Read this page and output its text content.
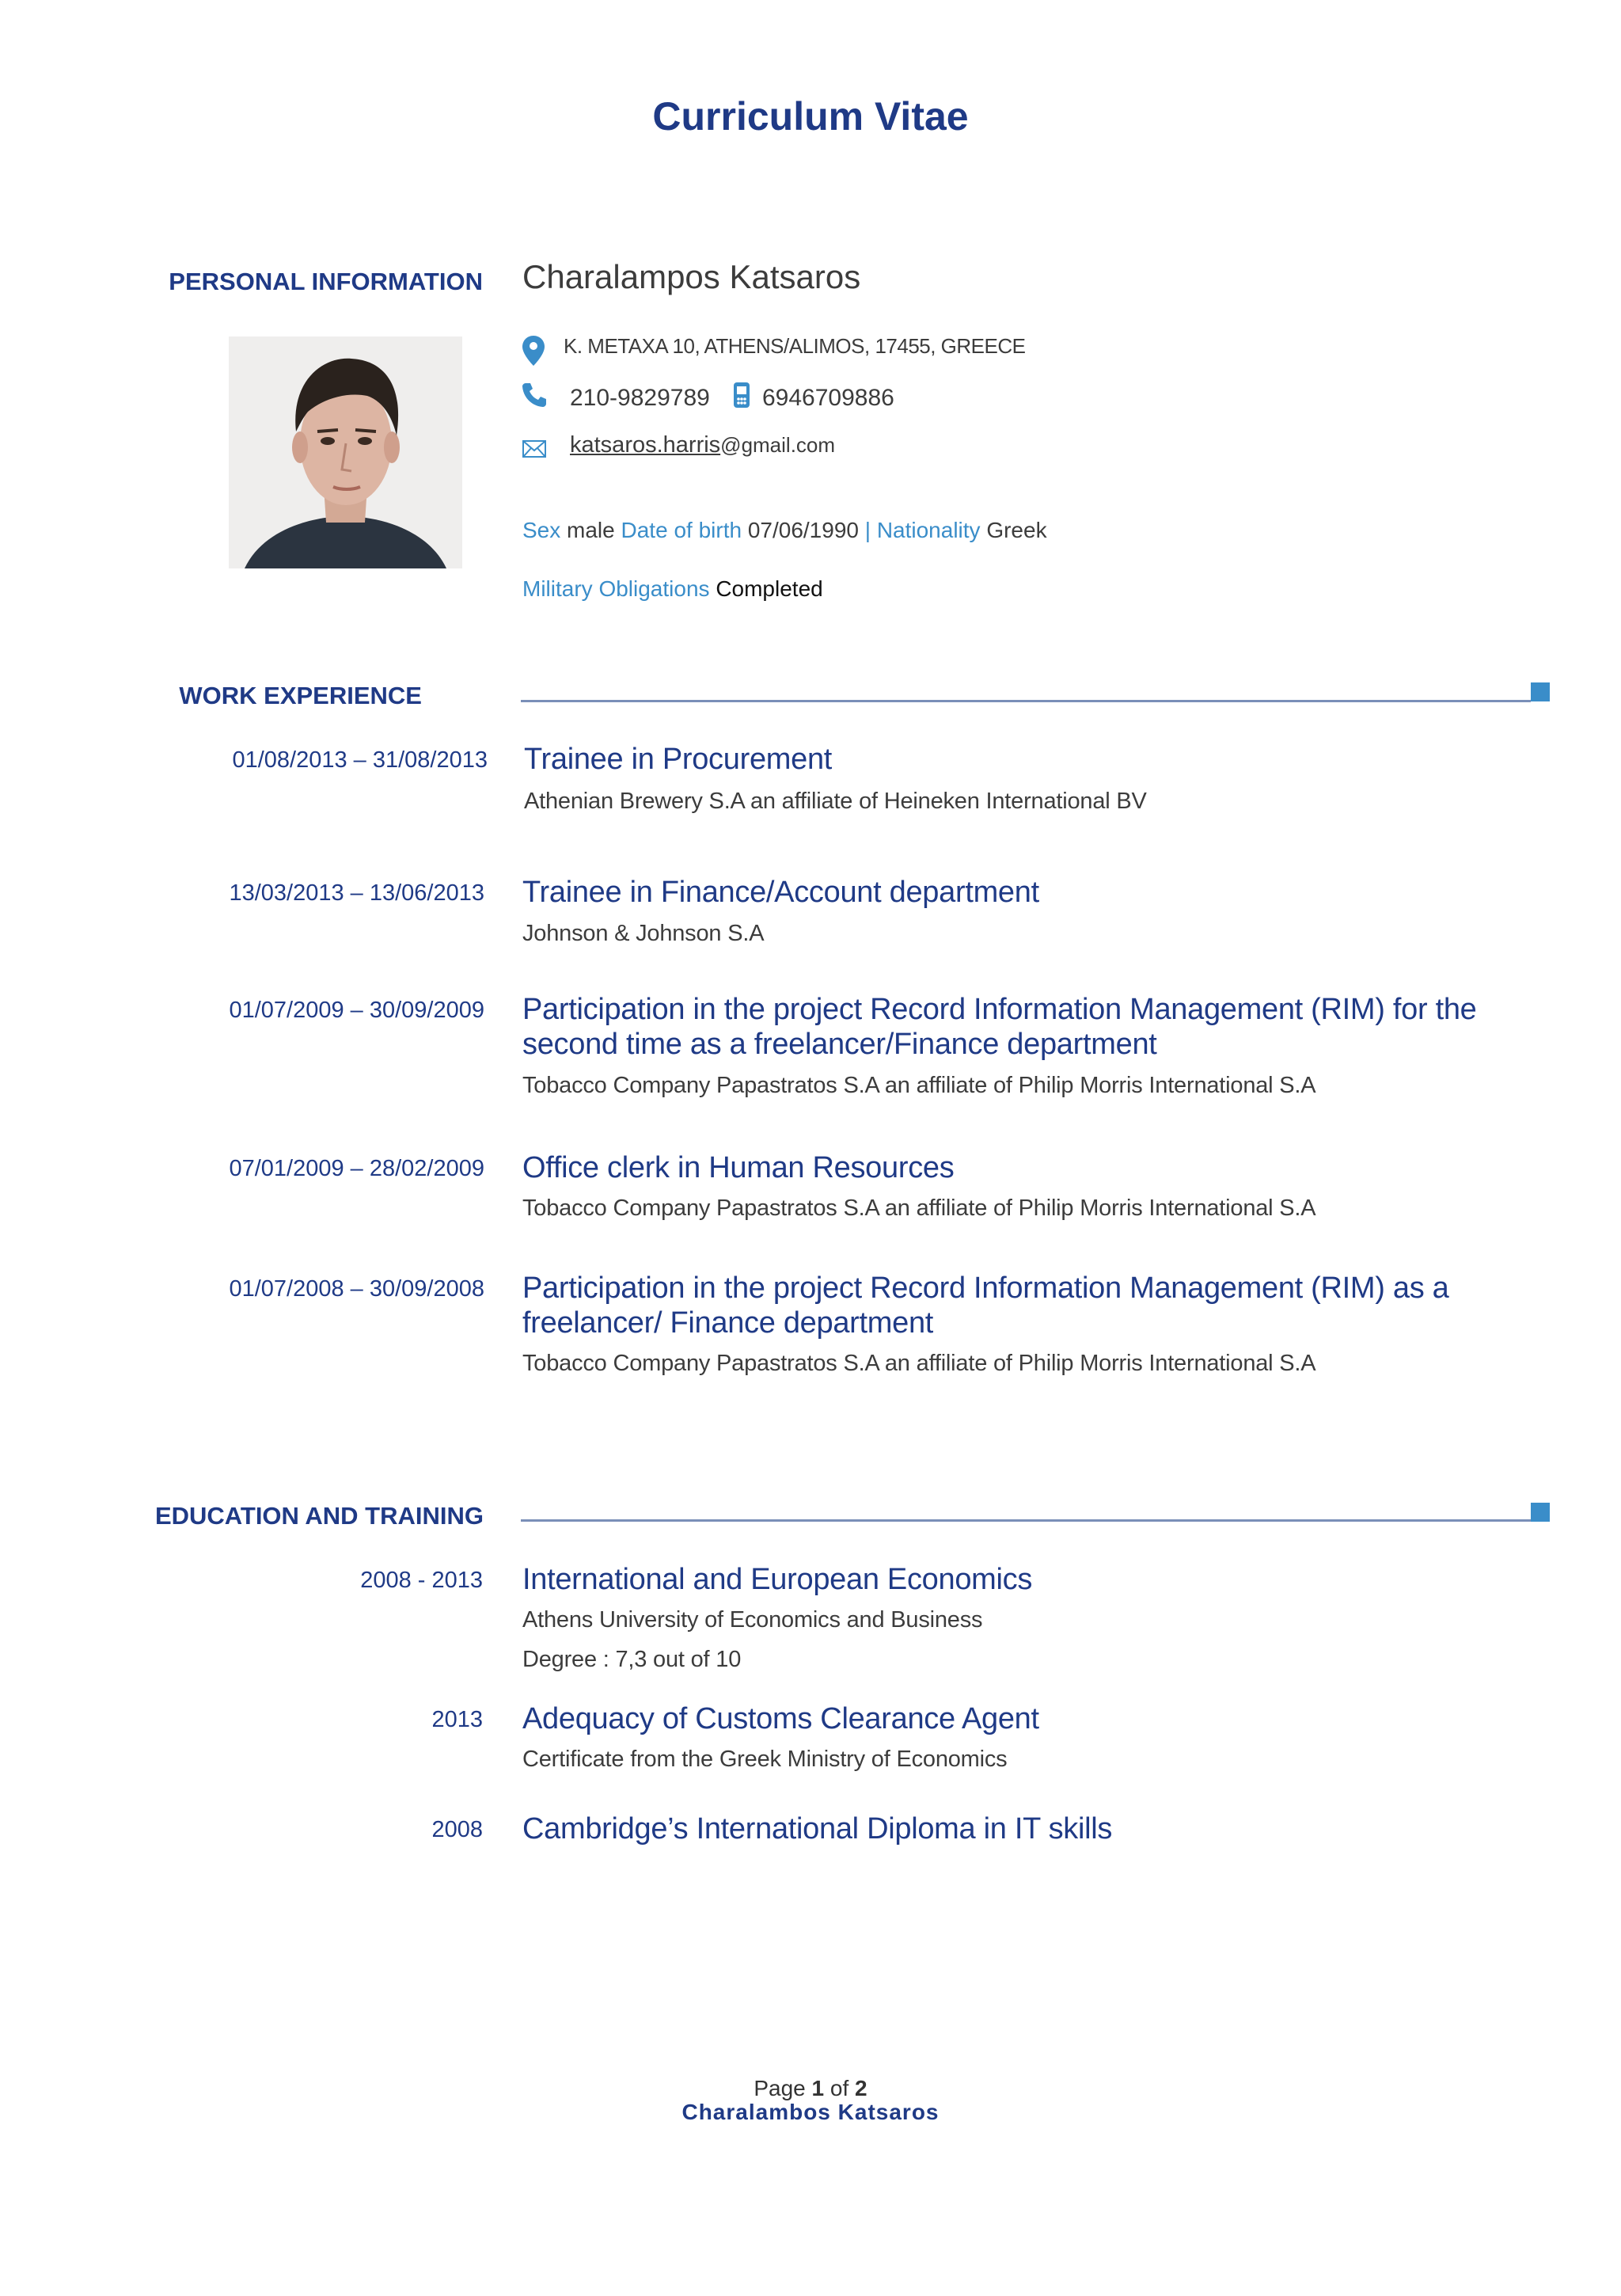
Curriculum Vitae
PERSONAL INFORMATION Charalampos Katsaros
K. METAXA 10, ATHENS/ALIMOS, 17455, GREECE
210-9829789 6946709886
katsaros.harris@gmail.com
Sex male Date of birth 07/06/1990 | Nationality Greek
Military Obligations Completed
WORK EXPERIENCE
01/08/2013 – 31/08/2013 Trainee in Procurement
Athenian Brewery S.A an affiliate of Heineken International BV
13/03/2013 – 13/06/2013 Trainee in Finance/Account department
Johnson & Johnson S.A
01/07/2009 – 30/09/2009 Participation in the project Record Information Management (RIM) for the second time as a freelancer/Finance department
Tobacco Company Papastratos S.A an affiliate of Philip Morris International S.A
07/01/2009 – 28/02/2009 Office clerk in Human Resources
Tobacco Company Papastratos S.A an affiliate of Philip Morris International S.A
01/07/2008 – 30/09/2008 Participation in the project Record Information Management (RIM) as a freelancer/ Finance department
Tobacco Company Papastratos S.A an affiliate of Philip Morris International S.A
EDUCATION AND TRAINING
2008 - 2013 International and European Economics
Athens University of Economics and Business
Degree : 7,3 out of 10
2013 Adequacy of Customs Clearance Agent
Certificate from the Greek Ministry of Economics
2008 Cambridge’s International Diploma in IT skills
Page 1 of 2
Charalambos Katsaros
